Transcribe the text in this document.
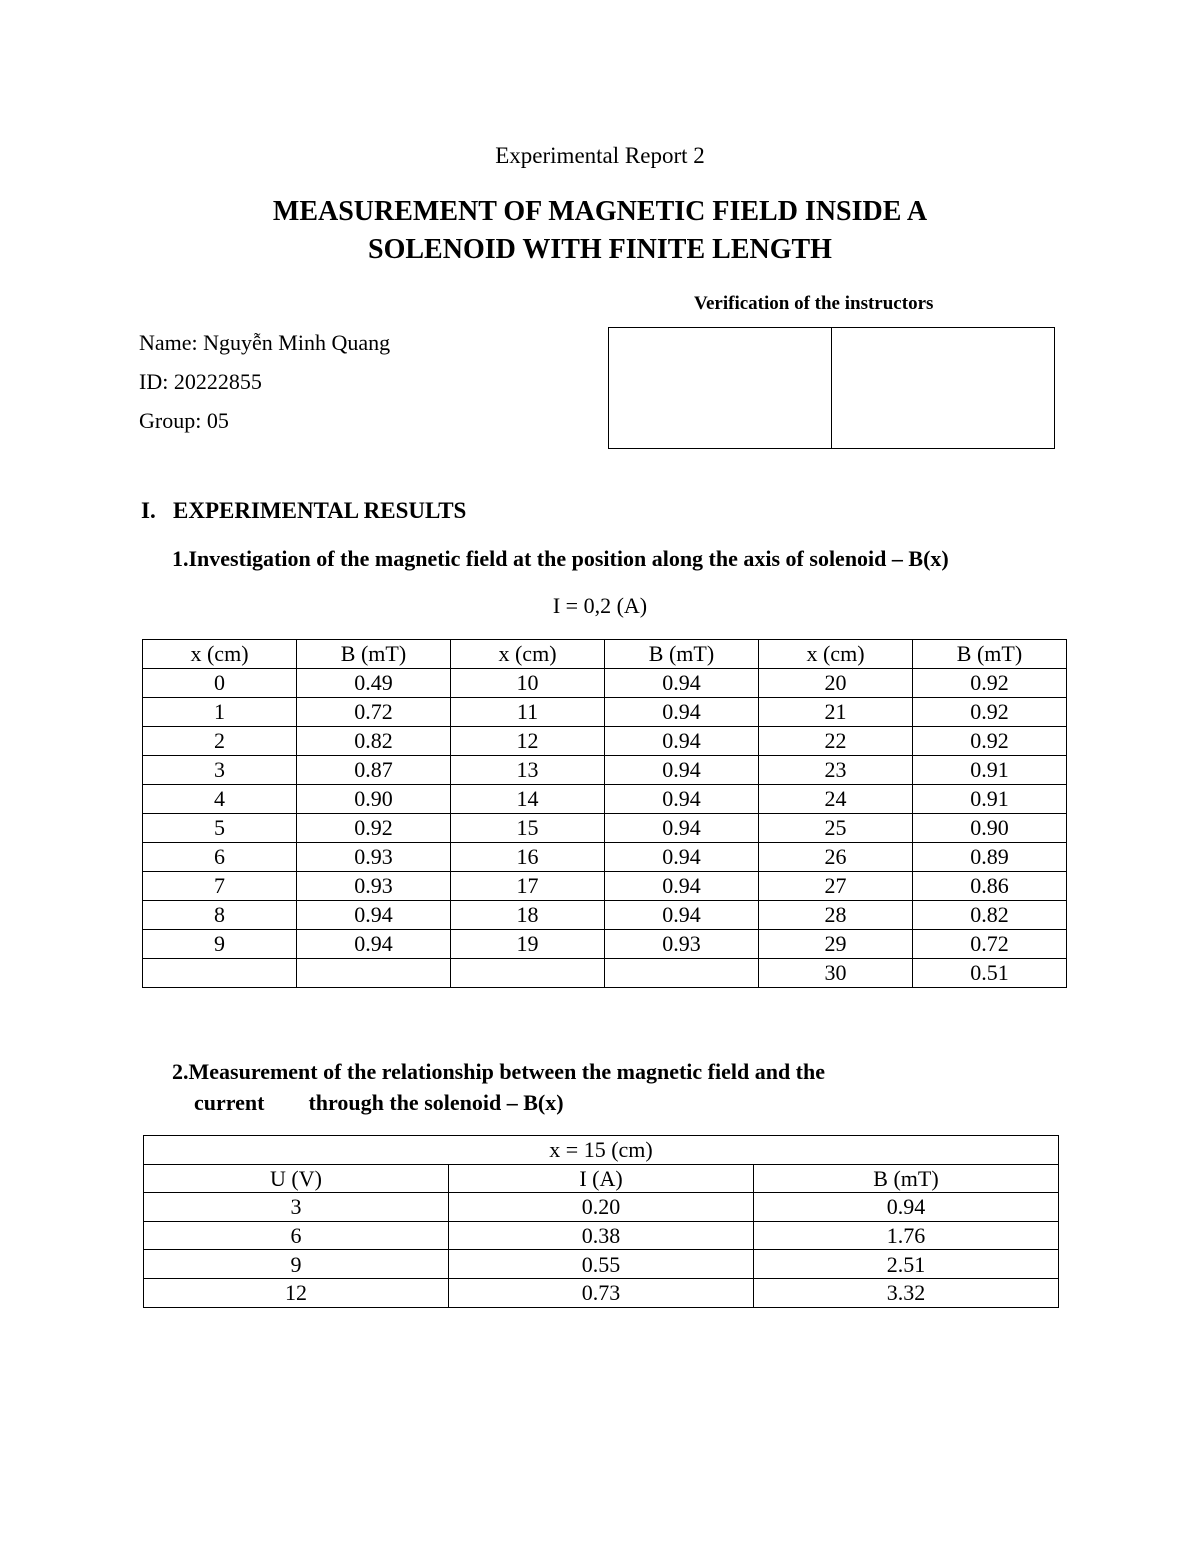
Experimental Report 2
MEASUREMENT OF MAGNETIC FIELD INSIDE A
SOLENOID WITH FINITE LENGTH
Verification of the instructors
Name: Nguyễn Minh Quang
ID: 20222855
Group: 05
I. EXPERIMENTAL RESULTS
1.Investigation of the magnetic field at the position along the axis of solenoid – B(x)
I = 0,2 (A)
x (cm)	B (mT)	x (cm)	B (mT)	x (cm)	B (mT)
0	0.49	10	0.94	20	0.92
1	0.72	11	0.94	21	0.92
2	0.82	12	0.94	22	0.92
3	0.87	13	0.94	23	0.91
4	0.90	14	0.94	24	0.91
5	0.92	15	0.94	25	0.90
6	0.93	16	0.94	26	0.89
7	0.93	17	0.94	27	0.86
8	0.94	18	0.94	28	0.82
9	0.94	19	0.93	29	0.72
				30	0.51
2.Measurement of the relationship between the magnetic field and the
current through the solenoid – B(x)
x = 15 (cm)		
U (V)	I (A)	B (mT)
3	0.20	0.94
6	0.38	1.76
9	0.55	2.51
12	0.73	3.32
